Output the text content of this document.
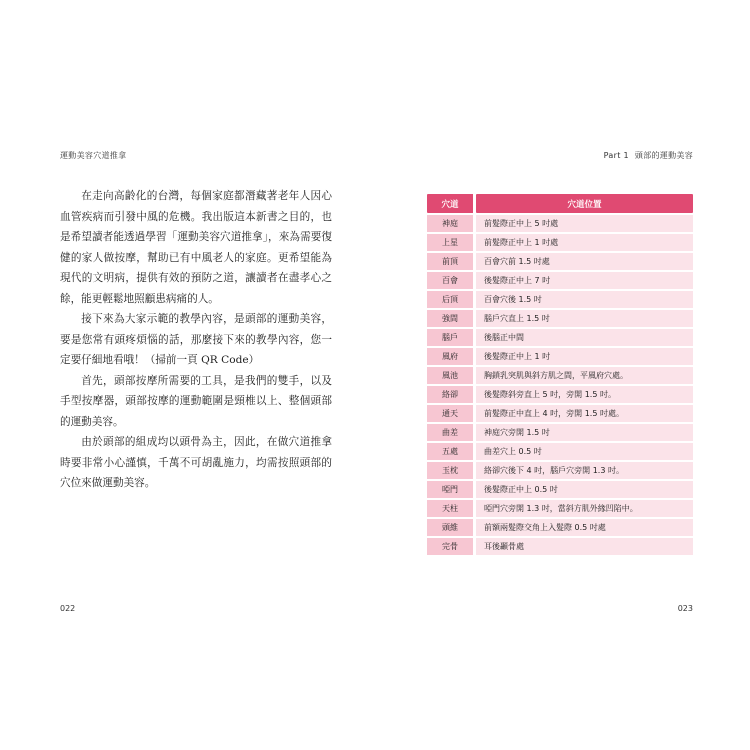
運動美容穴道推拿

在走向高齡化的台灣，每個家庭都潛藏著老年人因心血管疾病而引發中風的危機。我出版這本新書之目的，也是希望讀者能透過學習「運動美容穴道推拿」，來為需要復健的家人做按摩，幫助已有中風老人的家庭。更希望能為現代的文明病，提供有效的預防之道，讓讀者在盡孝心之餘，能更輕鬆地照顧患病痛的人。

接下來為大家示範的教學內容，是頭部的運動美容，要是您常有頭疼煩惱的話，那麼接下來的教學內容，您一定要仔細地看哦！（掃前一頁 QR Code）

首先，頭部按摩所需要的工具，是我們的雙手，以及手型按摩器，頭部按摩的運動範圍是頸椎以上、整個頭部的運動美容。

由於頭部的組成均以頭骨為主，因此，在做穴道推拿時要非常小心謹慎，千萬不可胡亂施力，均需按照頭部的穴位來做運動美容。

022
Part 1 頭部的運動美容
穴道	穴道位置
神庭	前髮際正中上 5 吋處
上星	前髮際正中上 1 吋處
前頂	百會穴前 1.5 吋處
百會	後髮際正中上 7 吋
后頂	百會穴後 1.5 吋
強間	腦戶穴直上 1.5 吋
腦戶	後腦正中間
風府	後髮際正中上 1 吋
風池	胸鎖乳突肌與斜方肌之間，平風府穴處。
絡卻	後髮際斜旁直上 5 吋，旁開 1.5 吋。
通天	前髮際正中直上 4 吋，旁開 1.5 吋處。
曲差	神庭穴旁開 1.5 吋
五處	曲差穴上 0.5 吋
玉枕	絡卻穴後下 4 吋，腦戶穴旁開 1.3 吋。
啞門	後髮際正中上 0.5 吋
天柱	啞門穴旁開 1.3 吋，當斜方肌外緣凹陷中。
頭維	前額兩髮際交角上入髮際 0.5 吋處
完骨	耳後顳骨處
023
